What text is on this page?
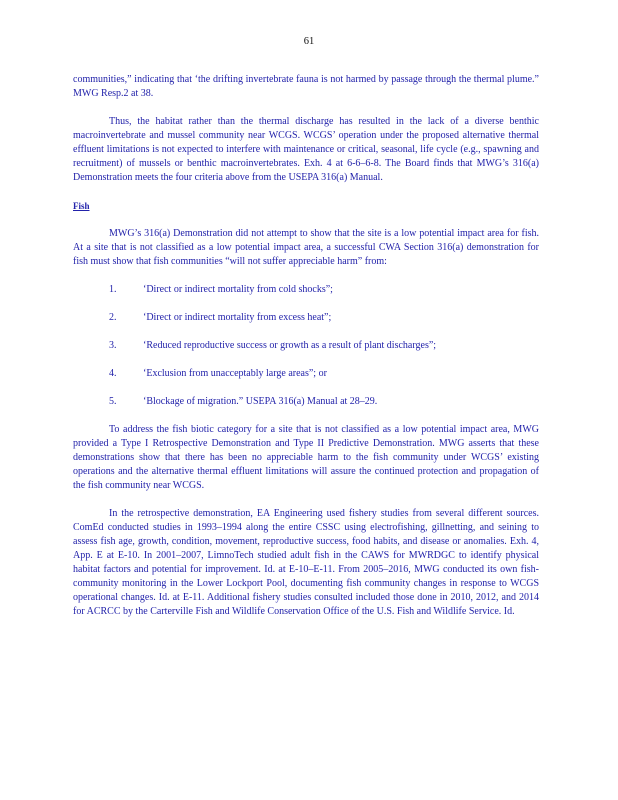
61

communities,” indicating that ‘the drifting invertebrate fauna is not harmed by passage through the thermal plume.” MWG Resp.2 at 38.

Thus, the habitat rather than the thermal discharge has resulted in the lack of a diverse benthic macroinvertebrate and mussel community near WCGS. WCGS’ operation under the proposed alternative thermal effluent limitations is not expected to interfere with maintenance or critical, seasonal, life cycle (e.g., spawning and recruitment) of mussels or benthic macroinvertebrates. Exh. 4 at 6-6–6-8. The Board finds that MWG’s 316(a) Demonstration meets the four criteria above from the USEPA 316(a) Manual.

Fish

MWG’s 316(a) Demonstration did not attempt to show that the site is a low potential impact area for fish. At a site that is not classified as a low potential impact area, a successful CWA Section 316(a) demonstration for fish must show that fish communities “will not suffer appreciable harm” from:

1.	‘Direct or indirect mortality from cold shocks”;
2.	‘Direct or indirect mortality from excess heat”;
3.	‘Reduced reproductive success or growth as a result of plant discharges”;
4.	‘Exclusion from unacceptably large areas”; or
5.	‘Blockage of migration.” USEPA 316(a) Manual at 28–29.

To address the fish biotic category for a site that is not classified as a low potential impact area, MWG provided a Type I Retrospective Demonstration and Type II Predictive Demonstration. MWG asserts that these demonstrations show that there has been no appreciable harm to the fish community under WCGS’ existing operations and the alternative thermal effluent limitations will assure the continued protection and propagation of the fish community near WCGS.

In the retrospective demonstration, EA Engineering used fishery studies from several different sources. ComEd conducted studies in 1993–1994 along the entire CSSC using electrofishing, gillnetting, and seining to assess fish age, growth, condition, movement, reproductive success, food habits, and disease or anomalies. Exh. 4, App. E at E-10. In 2001–2007, LimnoTech studied adult fish in the CAWS for MWRDGC to identify physical habitat factors and potential for improvement. Id. at E-10–E-11. From 2005–2016, MWG conducted its own fish-community monitoring in the Lower Lockport Pool, documenting fish community changes in response to WCGS operational changes. Id. at E-11. Additional fishery studies consulted included those done in 2010, 2012, and 2014 for ACRCC by the Carterville Fish and Wildlife Conservation Office of the U.S. Fish and Wildlife Service. Id.
